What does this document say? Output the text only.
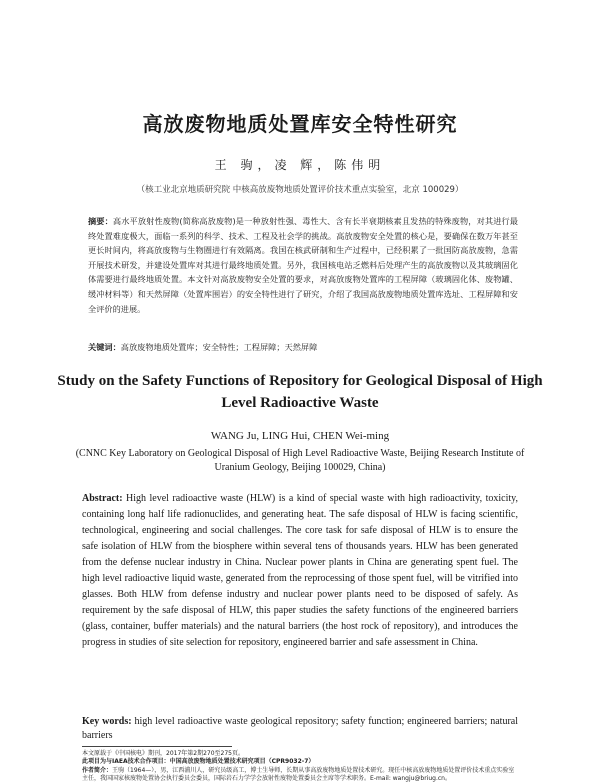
高放废物地质处置库安全特性研究
王 驹，凌 辉，陈伟明
（核工业北京地质研究院 中核高放废物地质处置评价技术重点实验室，北京 100029）
摘要：高水平放射性废物(简称高放废物)是一种放射性强、毒性大、含有长半衰期核素且发热的特殊废物，对其进行最终处置难度极大，面临一系列的科学、技术、工程及社会学的挑战。高放废物安全处置的核心是，要确保在数万年甚至更长时间内，将高放废物与生物圈进行有效隔离。我国在核武研制和生产过程中，已经积累了一批国防高放废物，急需开展技术研发，并建设处置库对其进行最终地质处置。另外，我国核电站乏燃料后处理产生的高放废物以及其玻璃固化体需要进行最终地质处置。本文针对高放废物安全处置的要求，对高放废物处置库的工程屏障（玻璃固化体、废物罐、缓冲材料等）和天然屏障（处置库围岩）的安全特性进行了研究，介绍了我国高放废物地质处置库选址、工程屏障和安全评价的进展。
关键词：高放废物地质处置库；安全特性；工程屏障；天然屏障
Study on the Safety Functions of Repository for Geological Disposal of High Level Radioactive Waste
WANG Ju, LING Hui, CHEN Wei-ming
(CNNC Key Laboratory on Geological Disposal of High Level Radioactive Waste, Beijing Research Institute of Uranium Geology, Beijing 100029, China)
Abstract: High level radioactive waste (HLW) is a kind of special waste with high radioactivity, toxicity, containing long half life radionuclides, and generating heat. The safe disposal of HLW is facing scientific, technological, engineering and social challenges. The core task for safe disposal of HLW is to ensure the safe isolation of HLW from the biosphere within several tens of thousands years. HLW has been generated from the defense nuclear industry in China. Nuclear power plants in China are generating spent fuel. The high level radioactive liquid waste, generated from the reprocessing of those spent fuel, will be vitrified into glasses. Both HLW from defense industry and nuclear power plants need to be disposed of safely. As requirement by the safe disposal of HLW, this paper studies the safety functions of the engineered barriers (glass, container, buffer materials) and the natural barriers (the host rock of repository), and introduces the progress in studies of site selection for repository, engineered barrier and safe assessment in China.
Key words: high level radioactive waste geological repository; safety function; engineered barriers; natural barriers
本文原载于《中国核电》期刊，2017年第2期270至275页。
此项目为与IAEA技术合作项目：中国高放废物地质处置技术研究项目（CPR9032-7）
作者简介：王驹（1964—），男，江西浦川人，研究员级高工，博士生导师，长期从事高放废物地质处置技术研究。现任中核高放废物地质处置评价技术重点实验室主任，我国国家核废物处置协会执行委员会委员，国际岩石力学学会放射性废物处置委员会主席等学术职务。E-mail: wangju@briug.cn。
